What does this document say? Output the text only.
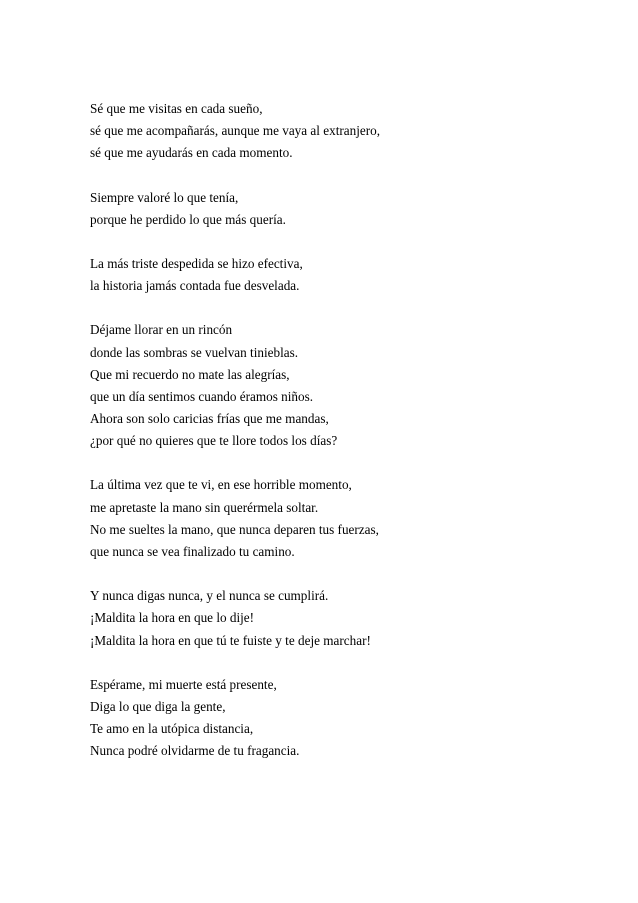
Sé que me visitas en cada sueño,
sé que me acompañarás, aunque me vaya al extranjero,
sé que me ayudarás en cada momento.
Siempre valoré lo que tenía,
porque he perdido lo que más quería.
La más triste despedida se hizo efectiva,
la historia jamás contada fue desvelada.
Déjame llorar en un rincón
donde las sombras se vuelvan tinieblas.
Que mi recuerdo no mate las alegrías,
que un día sentimos cuando éramos niños.
Ahora son solo caricias frías que me mandas,
¿por qué no quieres que te llore todos los días?
La última vez que te vi, en ese horrible momento,
me apretaste la mano sin querérmela soltar.
No me sueltes la mano, que nunca deparen tus fuerzas,
que nunca se vea finalizado tu camino.
Y nunca digas nunca, y el nunca se cumplirá.
¡Maldita la hora en que lo dije!
¡Maldita la hora en que tú te fuiste y te deje marchar!
Espérame, mi muerte está presente,
Diga lo que diga la gente,
Te amo en la utópica distancia,
Nunca podré olvidarme de tu fragancia.
